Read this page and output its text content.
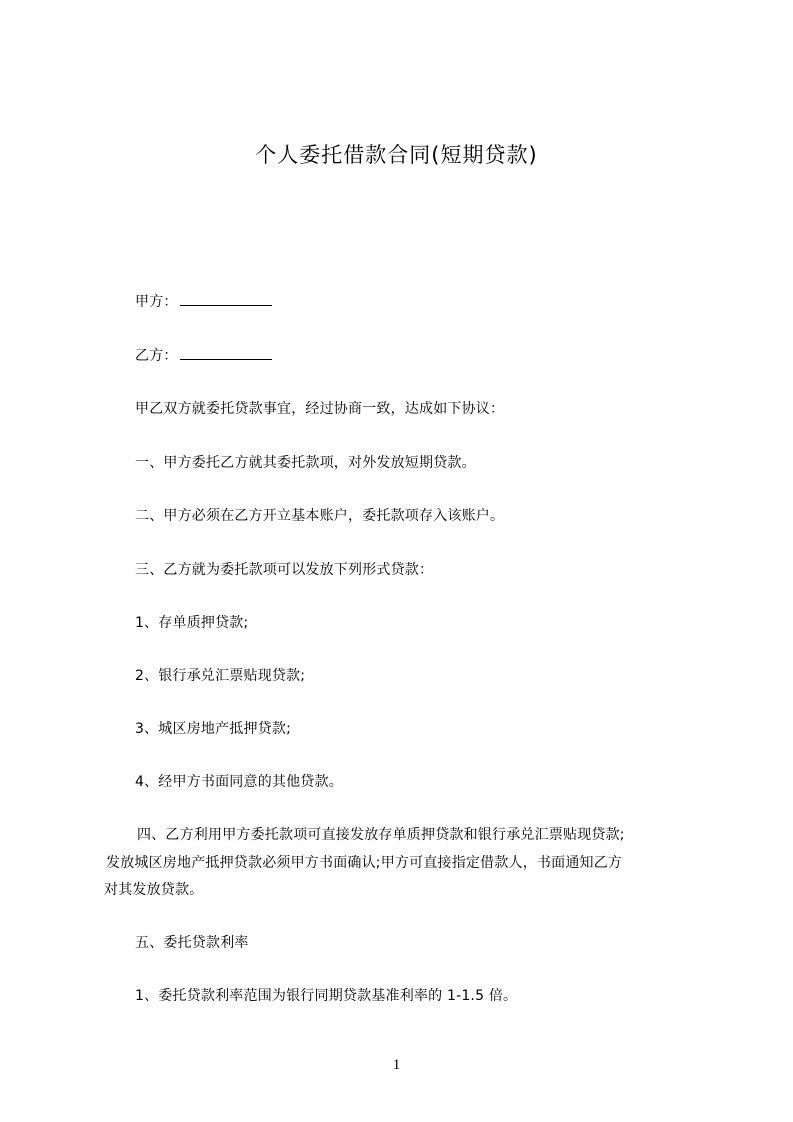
个人委托借款合同(短期贷款)
甲方：
乙方：
甲乙双方就委托贷款事宜，经过协商一致，达成如下协议：
一、甲方委托乙方就其委托款项，对外发放短期贷款。
二、甲方必须在乙方开立基本账户，委托款项存入该账户。
三、乙方就为委托款项可以发放下列形式贷款：
1、存单质押贷款;
2、银行承兑汇票贴现贷款;
3、城区房地产抵押贷款;
4、经甲方书面同意的其他贷款。
四、乙方利用甲方委托款项可直接发放存单质押贷款和银行承兑汇票贴现贷款;
发放城区房地产抵押贷款必须甲方书面确认;甲方可直接指定借款人，书面通知乙方
对其发放贷款。
五、委托贷款利率
1、委托贷款利率范围为银行同期贷款基准利率的 1-1.5 倍。
1
